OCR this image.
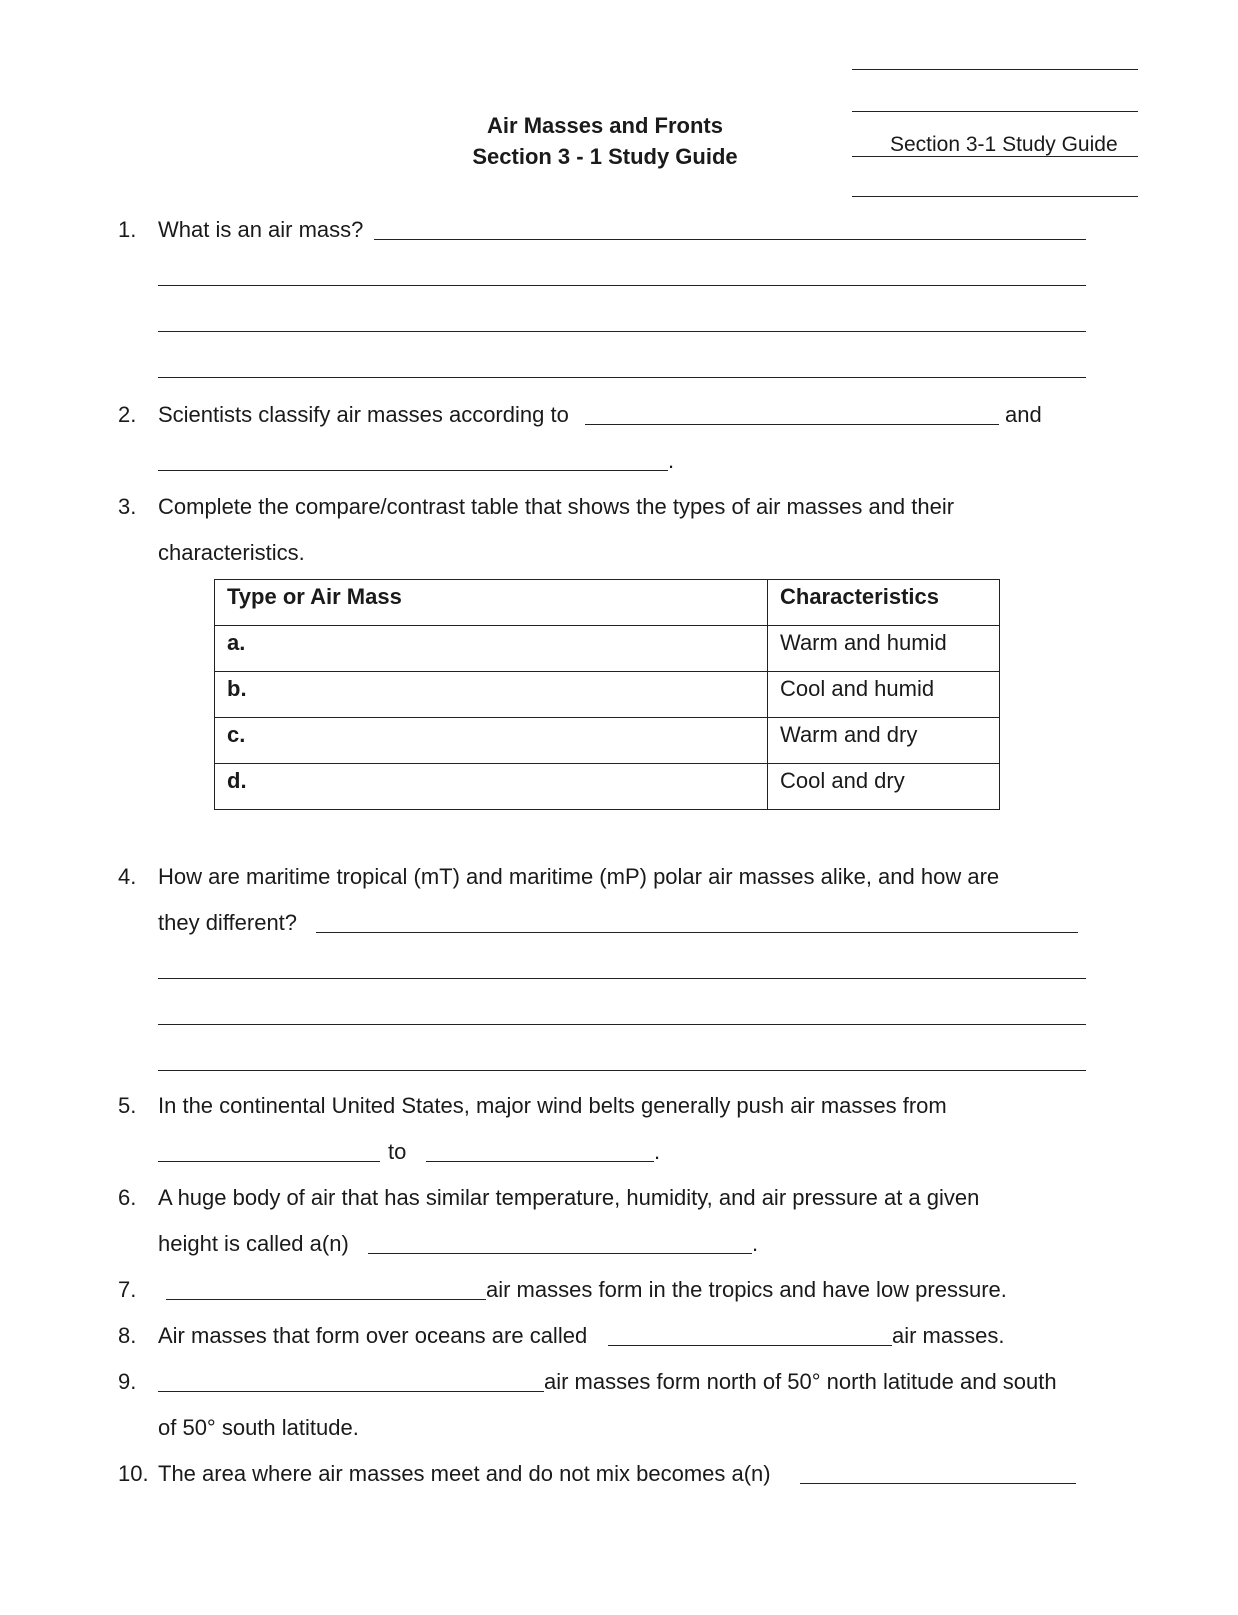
Section 3-1 Study Guide
Air Masses and Fronts
Section 3 - 1 Study Guide
1. What is an air mass?
2. Scientists classify air masses according to	and
.
3. Complete the compare/contrast table that shows the types of air masses and their
characteristics.
Type or Air Mass	Characteristics
a.	Warm and humid
b.	Cool and humid
c.	Warm and dry
d.	Cool and dry
4. How are maritime tropical (mT) and maritime (mP) polar air masses alike, and how are
they different?
5. In the continental United States, major wind belts generally push air masses from
to	.
6. A huge body of air that has similar temperature, humidity, and air pressure at a given
height is called a(n)	.
7.	air masses form in the tropics and have low pressure.
8. Air masses that form over oceans are called	air masses.
9.	air masses form north of 50° north latitude and south
of 50° south latitude.
10. The area where air masses meet and do not mix becomes a(n)
